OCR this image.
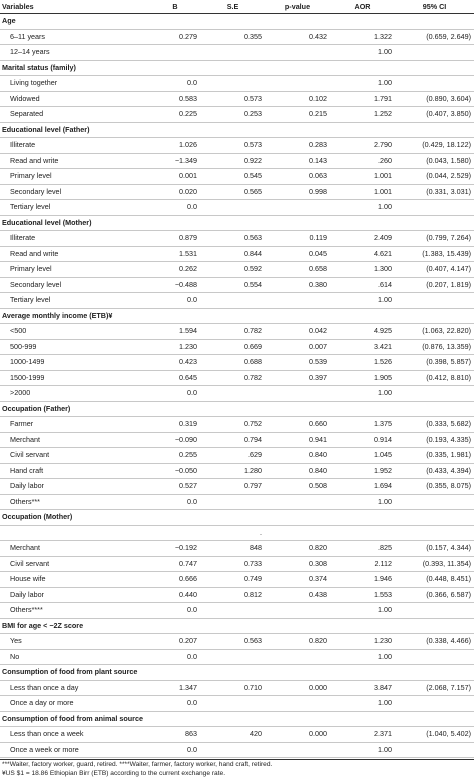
Variables	B	S.E	p-value	AOR	95% CI
Age					
6–11 years	0.279	0.355	0.432	1.322	(0.659, 2.649)
12–14 years				1.00	
Marital status (family)					
Living together	0.0			1.00	
Widowed	0.583	0.573	0.102	1.791	(0.890, 3.604)
Separated	0.225	0.253	0.215	1.252	(0.407, 3.850)
Educational level (Father)					
Illiterate	1.026	0.573	0.283	2.790	(0.429, 18.122)
Read and write	−1.349	0.922	0.143	.260	(0.043, 1.580)
Primary level	0.001	0.545	0.063	1.001	(0.044, 2.529)
Secondary level	0.020	0.565	0.998	1.001	(0.331, 3.031)
Tertiary level	0.0			1.00	
Educational level (Mother)					
Illiterate	0.879	0.563	0.119	2.409	(0.799, 7.264)
Read and write	1.531	0.844	0.045	4.621	(1.383, 15.439)
Primary level	0.262	0.592	0.658	1.300	(0.407, 4.147)
Secondary level	−0.488	0.554	0.380	.614	(0.207, 1.819)
Tertiary level	0.0			1.00	
Average monthly income (ETB)¥					
<500	1.594	0.782	0.042	4.925	(1.063, 22.820)
500-999	1.230	0.669	0.007	3.421	(0.876, 13.359)
1000-1499	0.423	0.688	0.539	1.526	(0.398, 5.857)
1500-1999	0.645	0.782	0.397	1.905	(0.412, 8.810)
>2000	0.0			1.00	
Occupation (Father)					
Farmer	0.319	0.752	0.660	1.375	(0.333, 5.682)
Merchant	−0.090	0.794	0.941	0.914	(0.193, 4.335)
Civil servant	0.255	.629	0.840	1.045	(0.335, 1.981)
Hand craft	−0.050	1.280	0.840	1.952	(0.433, 4.394)
Daily labor	0.527	0.797	0.508	1.694	(0.355, 8.075)
Others***	0.0			1.00	
Occupation (Mother)					
		.			
Merchant	−0.192	848	0.820	.825	(0.157, 4.344)
Civil servant	0.747	0.733	0.308	2.112	(0.393, 11.354)
House wife	0.666	0.749	0.374	1.946	(0.448, 8.451)
Daily labor	0.440	0.812	0.438	1.553	(0.366, 6.587)
Others****	0.0			1.00	
BMI for age < −2Z score					
Yes	0.207	0.563	0.820	1.230	(0.338, 4.466)
No	0.0			1.00	
Consumption of food from plant source					
Less than once a day	1.347	0.710	0.000	3.847	(2.068, 7.157)
Once a day or more	0.0			1.00	
Consumption of food from animal source					
Less than once a week	863	420	0.000	2.371	(1.040, 5.402)
Once a week or more	0.0			1.00	
***Waiter, factory worker, guard, retired. ****Waiter, farmer, factory worker, hand craft, retired.
¥US $1 = 18.86 Ethiopian Birr (ETB) according to the current exchange rate.
